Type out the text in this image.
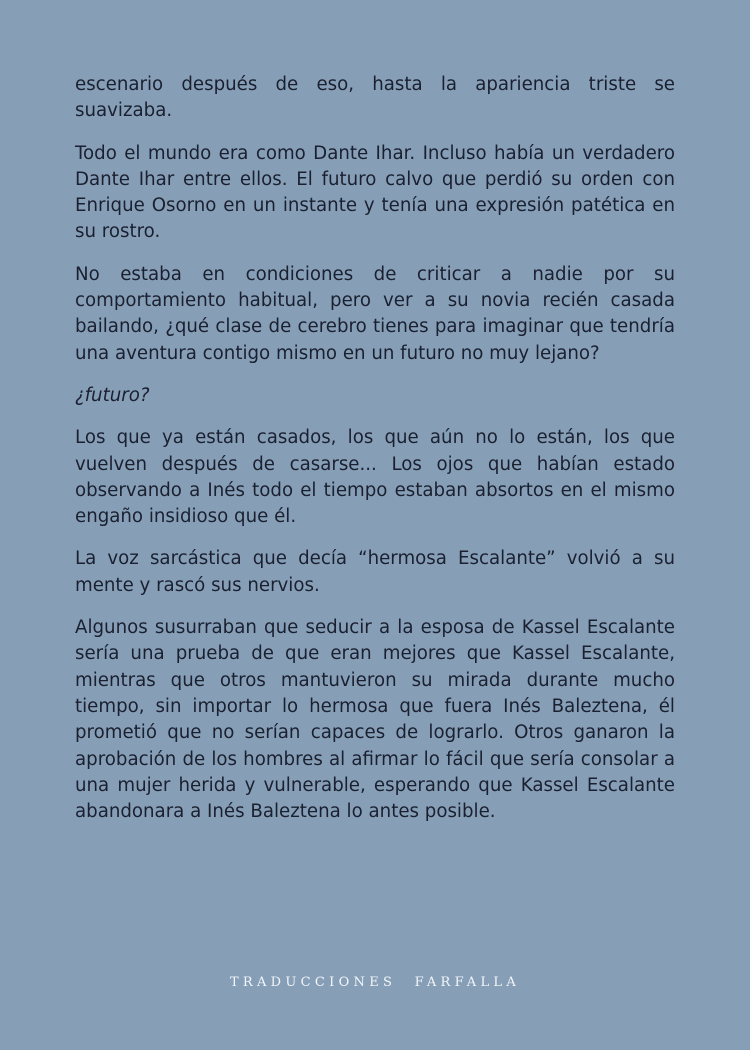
escenario después de eso, hasta la apariencia triste se suavizaba.

Todo el mundo era como Dante Ihar. Incluso había un verdadero Dante Ihar entre ellos. El futuro calvo que perdió su orden con Enrique Osorno en un instante y tenía una expresión patética en su rostro.

No estaba en condiciones de criticar a nadie por su comportamiento habitual, pero ver a su novia recién casada bailando, ¿qué clase de cerebro tienes para imaginar que tendría una aventura contigo mismo en un futuro no muy lejano?

¿futuro?

Los que ya están casados, los que aún no lo están, los que vuelven después de casarse... Los ojos que habían estado observando a Inés todo el tiempo estaban absortos en el mismo engaño insidioso que él.

La voz sarcástica que decía “hermosa Escalante” volvió a su mente y rascó sus nervios.

Algunos susurraban que seducir a la esposa de Kassel Escalante sería una prueba de que eran mejores que Kassel Escalante, mientras que otros mantuvieron su mirada durante mucho tiempo, sin importar lo hermosa que fuera Inés Baleztena, él prometió que no serían capaces de lograrlo. Otros ganaron la aprobación de los hombres al afirmar lo fácil que sería consolar a una mujer herida y vulnerable, esperando que Kassel Escalante abandonara a Inés Baleztena lo antes posible.

TRADUCCIONES FARFALLA
